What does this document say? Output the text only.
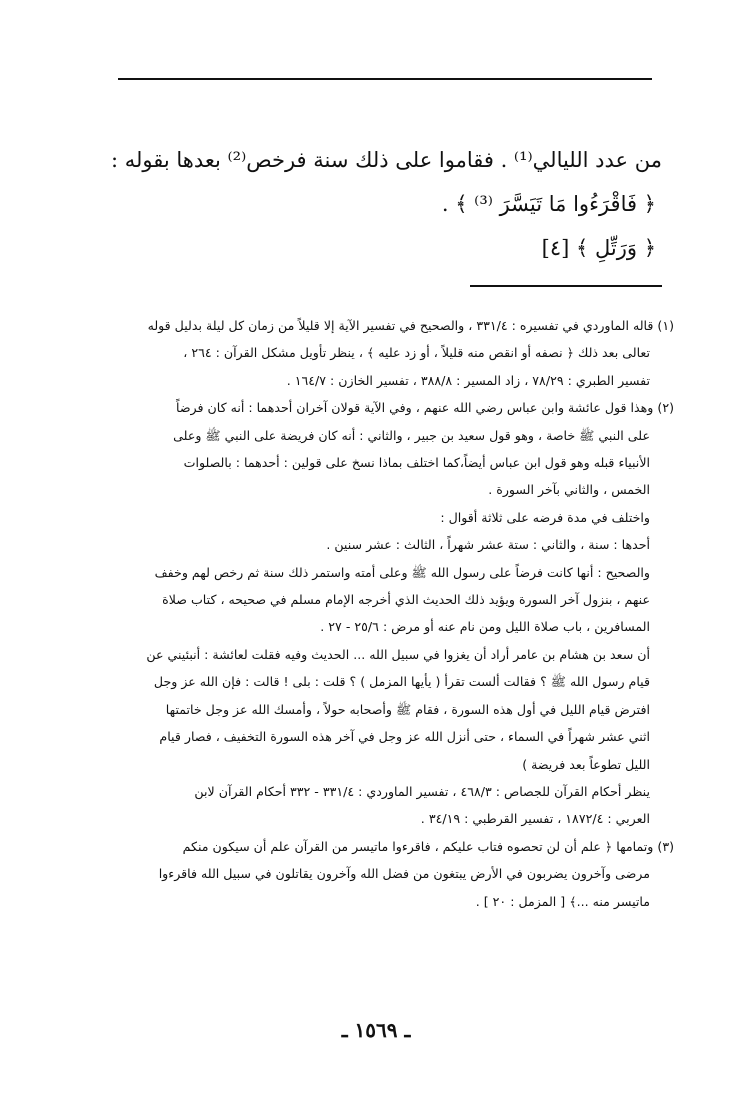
من عدد الليالي⁽¹⁾ . فقاموا على ذلك سنة فرخص⁽²⁾ بعدها بقوله :

﴿ فَاقْرَءُوا مَا تَيَسَّرَ ⁽³⁾ ﴾ .

﴿ وَرَتِّلِ ﴾ [٤]

(١) قاله الماوردي في تفسيره : ٣٣١/٤ ، والصحيح في تفسير الآية إلا قليلاً من زمان كل ليلة بدليل قوله

تعالى بعد ذلك ﴿ نصفه أو انقص منه قليلاً ، أو زد عليه ﴾ ، ينظر تأويل مشكل القرآن : ٢٦٤ ،

تفسير الطبري : ٧٨/٢٩ ، زاد المسير : ٣٨٨/٨ ، تفسير الخازن : ١٦٤/٧ .

(٢) وهذا قول عائشة وابن عباس رضي الله عنهم ، وفي الآية قولان آخران أحدهما : أنه كان فرضاً

على النبي ﷺ خاصة ، وهو قول سعيد بن جبير ، والثاني : أنه كان فريضة على النبي ﷺ وعلى

الأنبياء قبله وهو قول ابن عباس أيضاً،كما اختلف بماذا نسخ على قولين : أحدهما : بالصلوات

الخمس ، والثاني بآخر السورة .

واختلف في مدة فرضه على ثلاثة أقوال :

أحدها : سنة ، والثاني : ستة عشر شهراً ، الثالث : عشر سنين .

والصحيح : أنها كانت فرضاً على رسول الله ﷺ وعلى أمته واستمر ذلك سنة ثم رخص لهم وخفف

عنهم ، بنزول آخر السورة ويؤيد ذلك الحديث الذي أخرجه الإمام مسلم في صحيحه ، كتاب صلاة

المسافرين ، باب صلاة الليل ومن نام عنه أو مرض : ٢٥/٦ - ٢٧ .

أن سعد بن هشام بن عامر أراد أن يغزوا في سبيل الله ... الحديث وفيه فقلت لعائشة : أنبئيني عن

قيام رسول الله ﷺ ؟ فقالت ألست تقرأ ( يأيها المزمل ) ؟ قلت : بلى ! قالت : فإن الله عز وجل

افترض قيام الليل في أول هذه السورة ، فقام ﷺ وأصحابه حولاً ، وأمسك الله عز وجل خاتمتها

اثني عشر شهراً في السماء ، حتى أنزل الله عز وجل في آخر هذه السورة التخفيف ، فصار قيام

الليل تطوعاً بعد فريضة )

ينظر أحكام القرآن للجصاص : ٤٦٨/٣ ، تفسير الماوردي : ٣٣١/٤ - ٣٣٢ أحكام القرآن لابن

العربي : ١٨٧٢/٤ ، تفسير القرطبي : ٣٤/١٩ .

(٣) وتمامها ﴿ علم أن لن تحصوه فتاب عليكم ، فاقرءوا ماتيسر من القرآن علم أن سيكون منكم

مرضى وآخرون يضربون في الأرض يبتغون من فضل الله وآخرون يقاتلون في سبيل الله فاقرءوا

ماتيسر منه ...﴾ [ المزمل : ٢٠ ] .

ـ ١٥٦٩ ـ
